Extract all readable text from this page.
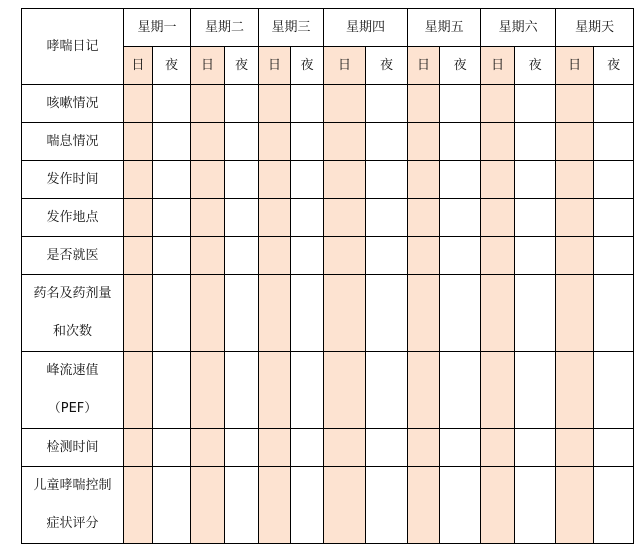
哮喘日记	星期一		星期二		星期三		星期四		星期五		星期六		星期天	
	日	夜	日	夜	日	夜	日	夜	日	夜	日	夜	日	夜

咳嗽情况														

喘息情况														

发作时间														

发作地点														

是否就医														

药名及药剂量
和次数														

峰流速值
（PEF）														

检测时间														

儿童哮喘控制
症状评分														
